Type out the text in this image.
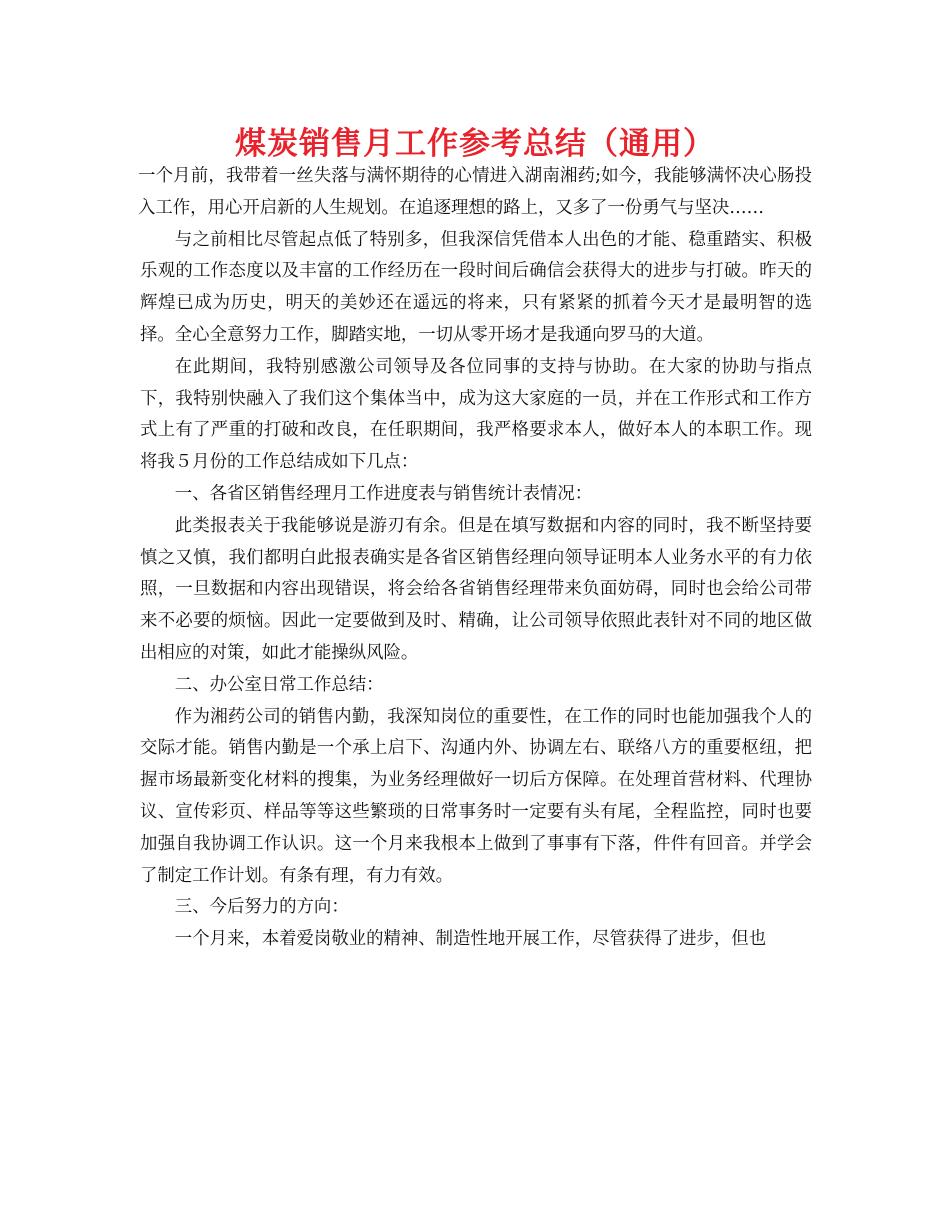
煤炭销售月工作参考总结（通用）

一个月前，我带着一丝失落与满怀期待的心情进入湖南湘药;如今，我能够满怀决心肠投入工作，用心开启新的人生规划。在追逐理想的路上，又多了一份勇气与坚决……

与之前相比尽管起点低了特别多，但我深信凭借本人出色的才能、稳重踏实、积极乐观的工作态度以及丰富的工作经历在一段时间后确信会获得大的进步与打破。昨天的辉煌已成为历史，明天的美妙还在遥远的将来，只有紧紧的抓着今天才是最明智的选择。全心全意努力工作，脚踏实地，一切从零开场才是我通向罗马的大道。

在此期间，我特别感激公司领导及各位同事的支持与协助。在大家的协助与指点下，我特别快融入了我们这个集体当中，成为这大家庭的一员，并在工作形式和工作方式上有了严重的打破和改良，在任职期间，我严格要求本人，做好本人的本职工作。现将我５月份的工作总结成如下几点：

一、各省区销售经理月工作进度表与销售统计表情况：

此类报表关于我能够说是游刃有余。但是在填写数据和内容的同时，我不断坚持要慎之又慎，我们都明白此报表确实是各省区销售经理向领导证明本人业务水平的有力依照，一旦数据和内容出现错误，将会给各省销售经理带来负面妨碍，同时也会给公司带来不必要的烦恼。因此一定要做到及时、精确，让公司领导依照此表针对不同的地区做出相应的对策，如此才能操纵风险。

二、办公室日常工作总结：

作为湘药公司的销售内勤，我深知岗位的重要性，在工作的同时也能加强我个人的交际才能。销售内勤是一个承上启下、沟通内外、协调左右、联络八方的重要枢纽，把握市场最新变化材料的搜集，为业务经理做好一切后方保障。在处理首营材料、代理协议、宣传彩页、样品等等这些繁琐的日常事务时一定要有头有尾，全程监控，同时也要加强自我协调工作认识。这一个月来我根本上做到了事事有下落，件件有回音。并学会了制定工作计划。有条有理，有力有效。

三、今后努力的方向：

一个月来，本着爱岗敬业的精神、制造性地开展工作，尽管获得了进步，但也
